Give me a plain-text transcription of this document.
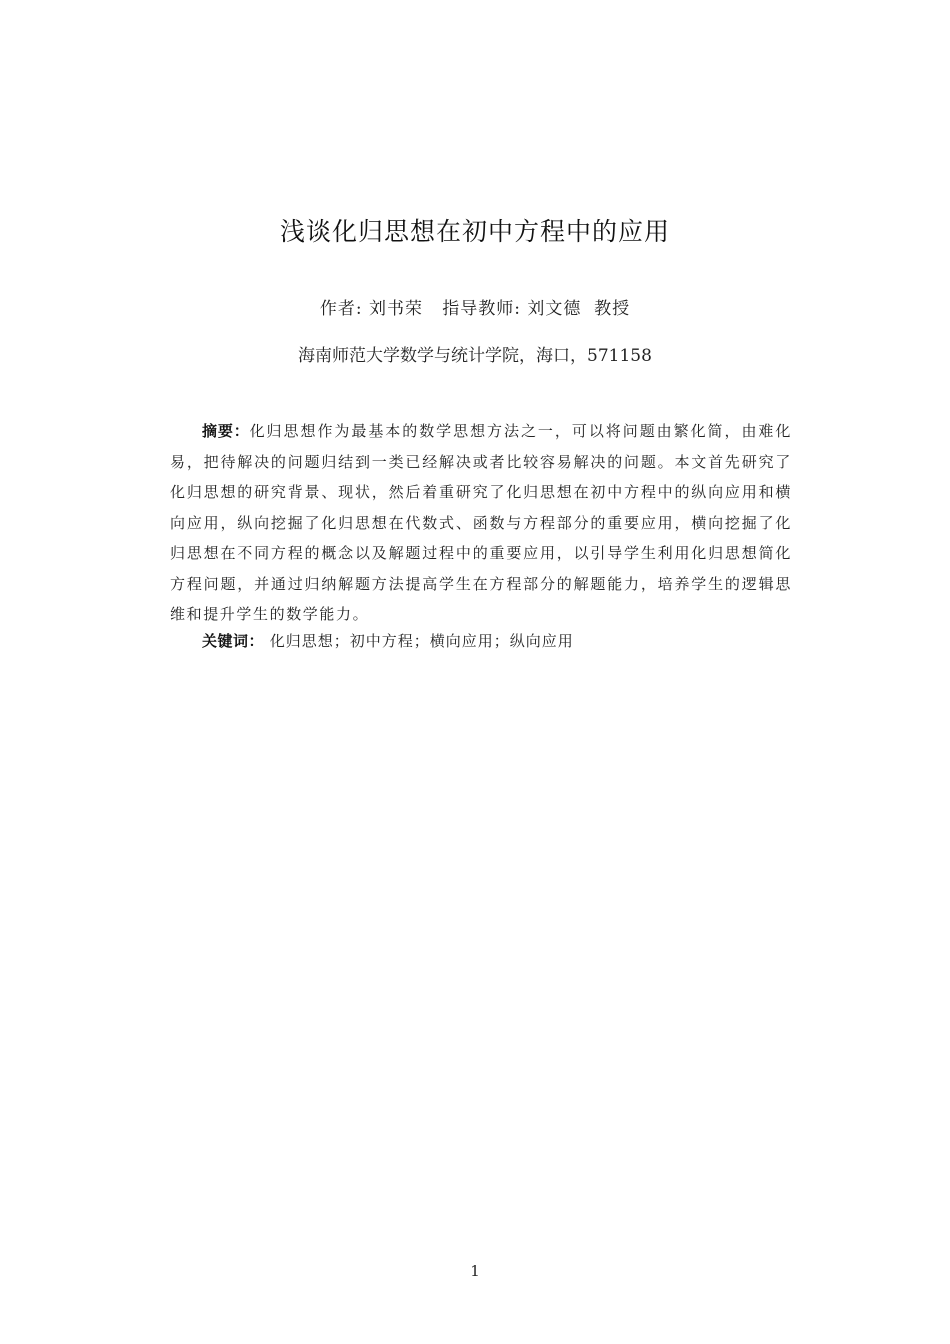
浅谈化归思想在初中方程中的应用
作者: 刘书荣   指导教师: 刘文德  教授
海南师范大学数学与统计学院，海口，571158

摘要：化归思想作为最基本的数学思想方法之一，可以将问题由繁化简，由难化易，把待解决的问题归结到一类已经解决或者比较容易解决的问题。本文首先研究了化归思想的研究背景、现状，然后着重研究了化归思想在初中方程中的纵向应用和横向应用，纵向挖掘了化归思想在代数式、函数与方程部分的重要应用，横向挖掘了化归思想在不同方程的概念以及解题过程中的重要应用，以引导学生利用化归思想简化方程问题，并通过归纳解题方法提高学生在方程部分的解题能力，培养学生的逻辑思维和提升学生的数学能力。

关键词： 化归思想；初中方程；横向应用；纵向应用
1
